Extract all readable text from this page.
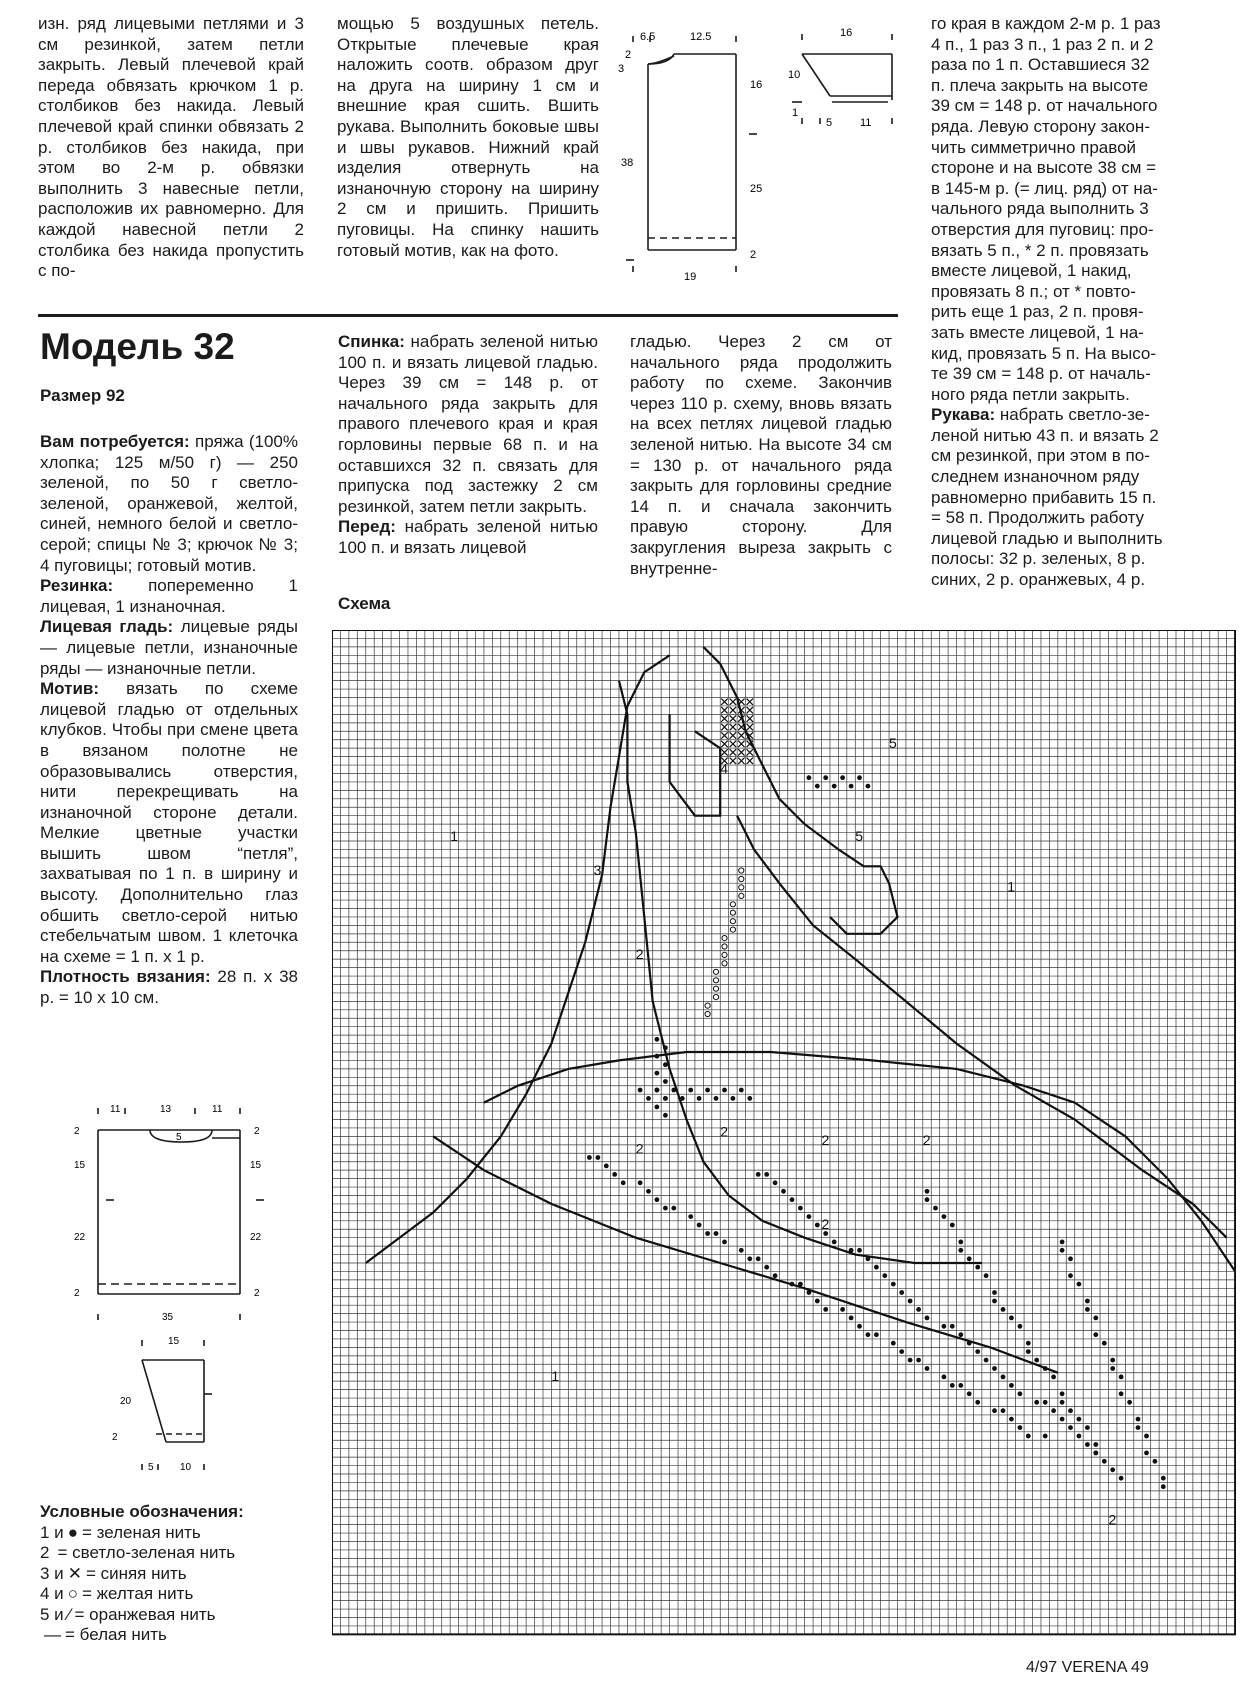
изн. ряд лицевыми петлями и 3 см резинкой, затем петли закрыть. Левый плечевой край переда обвязать крючком 1 р. столбиков без накида. Левый плечевой край спинки обвязать 2 р. столбиков без накида, при этом во 2-м р. обвязки выполнить 3 навесные петли, расположив их равномерно. Для каждой навесной петли 2 столбика без накида пропустить с по-

мощью 5 воздушных петель. Открытые плечевые края наложить соотв. образом друг на друга на ширину 1 см и внешние края сшить. Вшить рукава. Выполнить боковые швы и швы рукавов. Нижний край изделия отвернуть на изнаночную сторону на ширину 2 см и пришить. Пришить пуговицы. На спинку нашить готовый мотив, как на фото.

го края в каждом 2-м р. 1 раз
4 п., 1 раз 3 п., 1 раз 2 п. и 2
раза по 1 п. Оставшиеся 32
п. плеча закрыть на высоте
39 см = 148 р. от начального
ряда. Левую сторону закон-
чить симметрично правой
стороне и на высоте 38 см =
в 145-м р. (= лиц. ряд) от на-
чального ряда выполнить 3
отверстия для пуговиц: про-
вязать 5 п., * 2 п. провязать
вместе лицевой, 1 накид,
провязать 8 п.; от * повто-
рить еще 1 раз, 2 п. провя-
зать вместе лицевой, 1 на-
кид, провязать 5 п. На высо-
те 39 см = 148 р. от началь-
ного ряда петли закрыть.
Рукава: набрать светло-зе-
леной нитью 43 п. и вязать 2
см резинкой, при этом в по-
следнем изнаночном ряду
равномерно прибавить 15 п.
= 58 п. Продолжить работу
лицевой гладью и выполнить
полосы: 32 р. зеленых, 8 р.
синих, 2 р. оранжевых, 4 р.
6.5	12.5
2
3
38
16
25
2
19
16
10
1
5	11
Модель 32
Размер 92

Вам потребуется: пряжа (100% хлопка; 125 м/50 г) — 250 зеленой, по 50 г светло-зеленой, оранжевой, желтой, синей, немного белой и светло-серой; спицы № 3; крючок № 3; 4 пуговицы; готовый мотив.

Резинка: попеременно 1 лицевая, 1 изнаночная.

Лицевая гладь: лицевые ряды — лицевые петли, изнаночные ряды — изнаночные петли.

Мотив: вязать по схеме лицевой гладью от отдельных клубков. Чтобы при смене цвета в вязаном полотне не образовывались отверстия, нити перекрещивать на изнаночной стороне детали. Мелкие цветные участки вышить швом “петля”, захватывая по 1 п. в ширину и высоту. Дополнительно глаз обшить светло-серой нитью стебельчатым швом. 1 клеточка на схеме = 1 п. х 1 р.

Плотность вязания: 28 п. х 38 р. = 10 х 10 см.

Спинка: набрать зеленой нитью 100 п. и вязать лицевой гладью. Через 39 см = 148 р. от начального ряда закрыть для правого плечевого края и края горловины первые 68 п. и на оставшихся 32 п. связать для припуска под застежку 2 см резинкой, затем петли закрыть.

Перед: набрать зеленой нитью 100 п. и вязать лицевой

гладью. Через 2 см от начального ряда продолжить работу по схеме. Закончив через 110 р. схему, вновь вязать на всех петлях лицевой гладью зеленой нитью. На высоте 34 см = 130 р. от начального ряда закрыть для горловины средние 14 п. и сначала закончить правую сторону. Для закругления выреза закрыть с внутренне-

Схема
11	13	11
5
2
15
22
2
2
15
22
2
35
15
20
2
5	10
Условные обозначения:
1 и ● = зеленая нить
2 = светло-зеленая нить
3 и ✕ = синяя нить
4 и ○ = желтая нить
5 и ⁄ = оранжевая нить
— = белая нить
1
1
1
2
2
2
2	2
2
2
3
4
5
5
4/97 VERENA 49
